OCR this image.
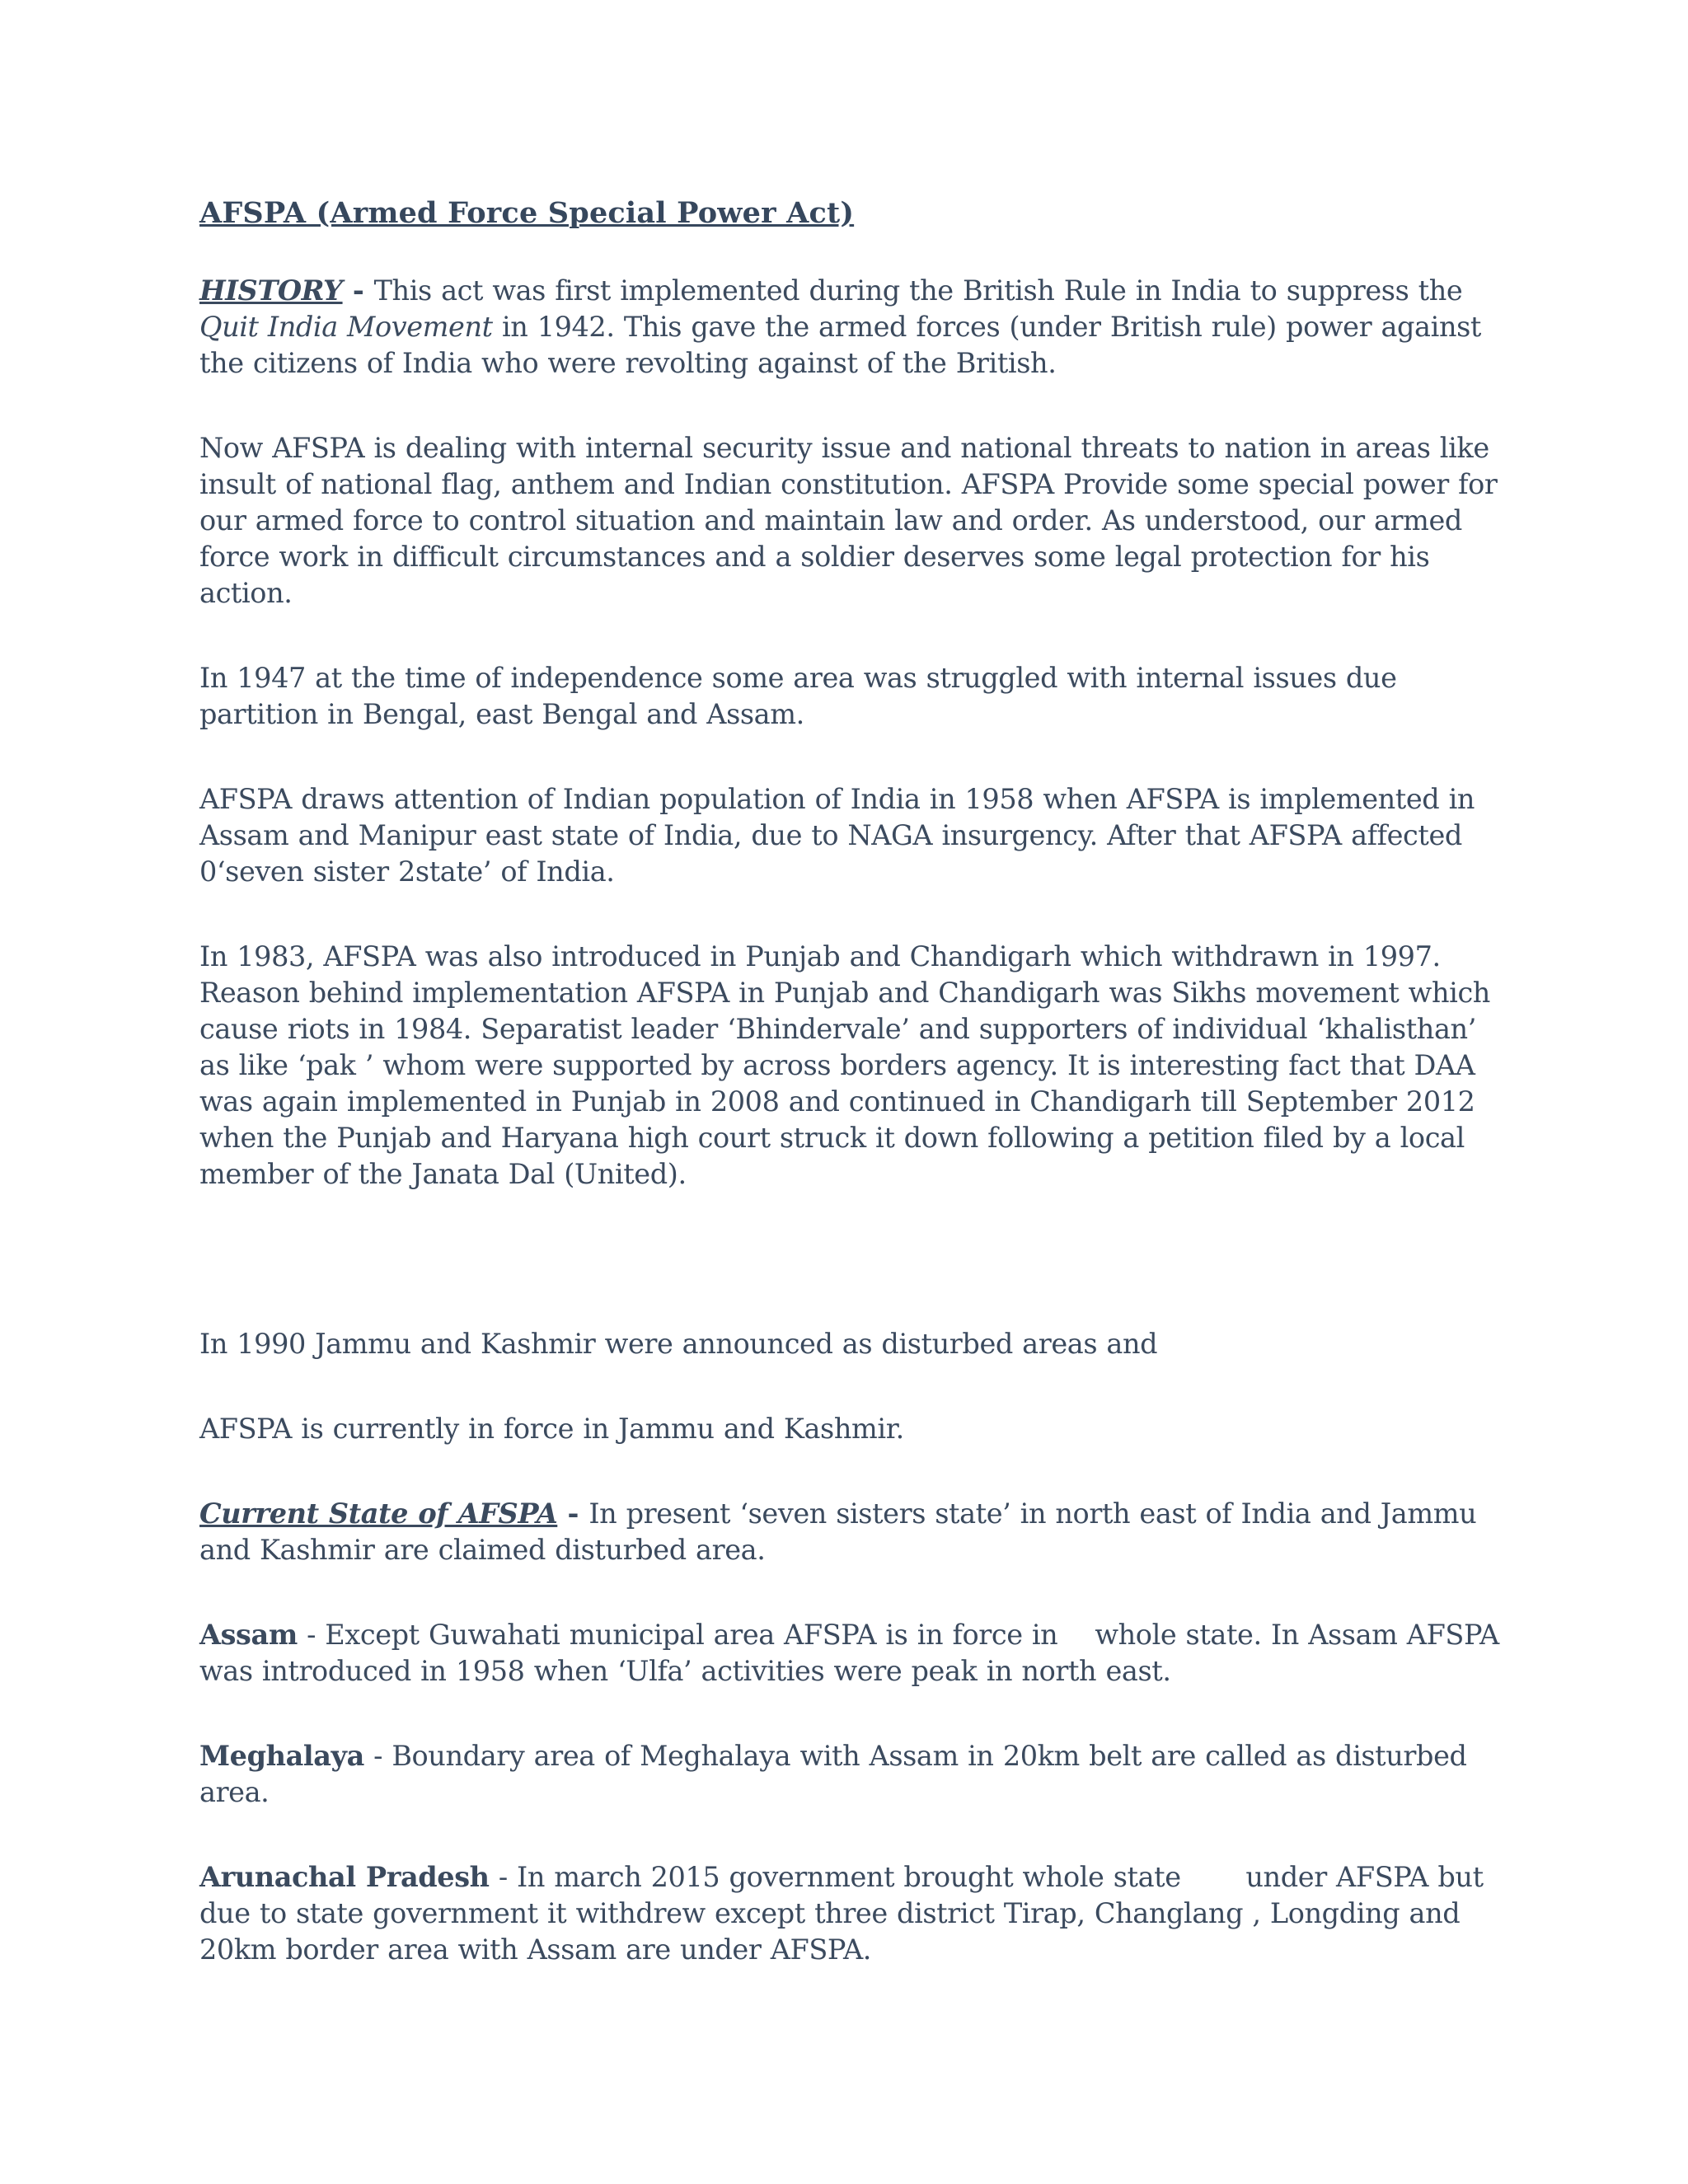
AFSPA (Armed Force Special Power Act)

HISTORY - This act was first implemented during the British Rule in India to suppress the Quit India Movement in 1942. This gave the armed forces (under British rule) power against the citizens of India who were revolting against of the British.

Now AFSPA is dealing with internal security issue and national threats to nation in areas like insult of national flag, anthem and Indian constitution. AFSPA Provide some special power for our armed force to control situation and maintain law and order. As understood, our armed force work in difficult circumstances and a soldier deserves some legal protection for his action.

In 1947 at the time of independence some area was struggled with internal issues due partition in Bengal, east Bengal and Assam.

AFSPA draws attention of Indian population of India in 1958 when AFSPA is implemented in Assam and Manipur east state of India, due to NAGA insurgency. After that AFSPA affected 0‘seven sister 2state’ of India.

In 1983, AFSPA was also introduced in Punjab and Chandigarh which withdrawn in 1997. Reason behind implementation AFSPA in Punjab and Chandigarh was Sikhs movement which cause riots in 1984. Separatist leader ‘Bhindervale’ and supporters of individual ‘khalisthan’ as like ‘pak ’ whom were supported by across borders agency. It is interesting fact that DAA was again implemented in Punjab in 2008 and continued in Chandigarh till September 2012 when the Punjab and Haryana high court struck it down following a petition filed by a local member of the Janata Dal (United).

In 1990 Jammu and Kashmir were announced as disturbed areas and

AFSPA is currently in force in Jammu and Kashmir.

Current State of AFSPA - In present ‘seven sisters state’ in north east of India and Jammu and Kashmir are claimed disturbed area.

Assam - Except Guwahati municipal area AFSPA is in force in    whole state. In Assam AFSPA was introduced in 1958 when ‘Ulfa’ activities were peak in north east.

Meghalaya - Boundary area of Meghalaya with Assam in 20km belt are called as disturbed area.

Arunachal Pradesh - In march 2015 government brought whole state       under AFSPA but due to state government it withdrew except three district Tirap, Changlang , Longding and 20km border area with Assam are under AFSPA.
